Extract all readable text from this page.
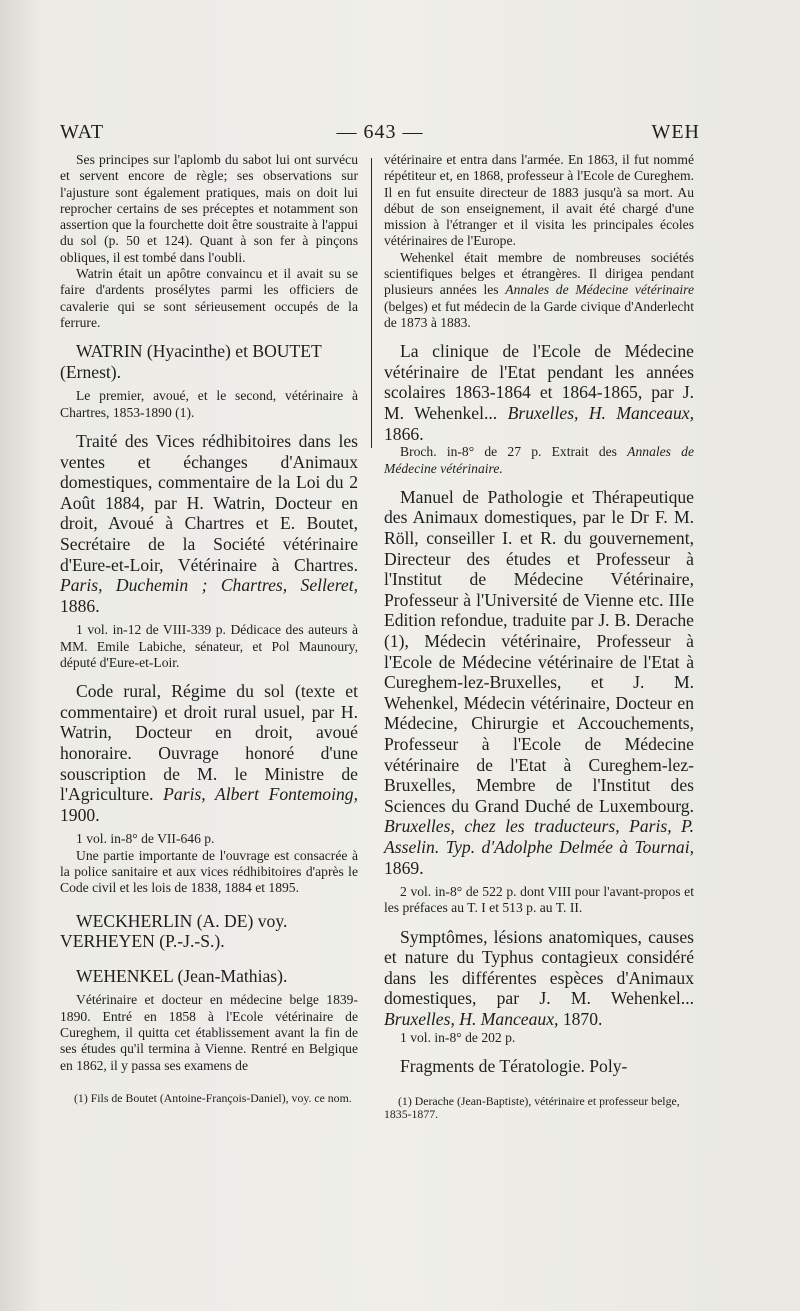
WAT	— 643 —	WEH

Ses principes sur l'aplomb du sabot lui ont survécu et servent encore de règle; ses observations sur l'ajusture sont également pratiques, mais on doit lui reprocher certains de ses préceptes et notamment son assertion que la fourchette doit être soustraite à l'appui du sol (p. 50 et 124). Quant à son fer à pinçons obliques, il est tombé dans l'oubli.

Watrin était un apôtre convaincu et il avait su se faire d'ardents prosélytes parmi les officiers de cavalerie qui se sont sérieusement occupés de la ferrure.

WATRIN (Hyacinthe) et BOUTET (Ernest).

Le premier, avoué, et le second, vétérinaire à Chartres, 1853-1890 (1).

Traité des Vices rédhibitoires dans les ventes et échanges d'Animaux domestiques, commentaire de la Loi du 2 Août 1884, par H. Watrin, Docteur en droit, Avoué à Chartres et E. Boutet, Secrétaire de la Société vétérinaire d'Eure-et-Loir, Vétérinaire à Chartres. Paris, Duchemin ; Chartres, Selleret, 1886.

1 vol. in-12 de VIII-339 p. Dédicace des auteurs à MM. Emile Labiche, sénateur, et Pol Maunoury, député d'Eure-et-Loir.

Code rural, Régime du sol (texte et commentaire) et droit rural usuel, par H. Watrin, Docteur en droit, avoué honoraire. Ouvrage honoré d'une souscription de M. le Ministre de l'Agriculture. Paris, Albert Fontemoing, 1900.

1 vol. in-8° de VII-646 p.

Une partie importante de l'ouvrage est consacrée à la police sanitaire et aux vices rédhibitoires d'après le Code civil et les lois de 1838, 1884 et 1895.

WECKHERLIN (A. DE) voy. VERHEYEN (P.-J.-S.).

WEHENKEL (Jean-Mathias).

Vétérinaire et docteur en médecine belge 1839-1890. Entré en 1858 à l'Ecole vétérinaire de Cureghem, il quitta cet établissement avant la fin de ses études qu'il termina à Vienne. Rentré en Belgique en 1862, il y passa ses examens de

(1) Fils de Boutet (Antoine-François-Daniel), voy. ce nom.

vétérinaire et entra dans l'armée. En 1863, il fut nommé répétiteur et, en 1868, professeur à l'Ecole de Cureghem. Il en fut ensuite directeur de 1883 jusqu'à sa mort. Au début de son enseignement, il avait été chargé d'une mission à l'étranger et il visita les principales écoles vétérinaires de l'Europe.

Wehenkel était membre de nombreuses sociétés scientifiques belges et étrangères. Il dirigea pendant plusieurs années les Annales de Médecine vétérinaire (belges) et fut médecin de la Garde civique d'Anderlecht de 1873 à 1883.

La clinique de l'Ecole de Médecine vétérinaire de l'Etat pendant les années scolaires 1863-1864 et 1864-1865, par J. M. Wehenkel... Bruxelles, H. Manceaux, 1866.

Broch. in-8° de 27 p. Extrait des Annales de Médecine vétérinaire.

Manuel de Pathologie et Thérapeutique des Animaux domestiques, par le Dr F. M. Röll, conseiller I. et R. du gouvernement, Directeur des études et Professeur à l'Institut de Médecine Vétérinaire, Professeur à l'Université de Vienne etc. IIIe Edition refondue, traduite par J. B. Derache (1), Médecin vétérinaire, Professeur à l'Ecole de Médecine vétérinaire de l'Etat à Cureghem-lez-Bruxelles, et J. M. Wehenkel, Médecin vétérinaire, Docteur en Médecine, Chirurgie et Accouchements, Professeur à l'Ecole de Médecine vétérinaire de l'Etat à Cureghem-lez-Bruxelles, Membre de l'Institut des Sciences du Grand Duché de Luxembourg. Bruxelles, chez les traducteurs, Paris, P. Asselin. Typ. d'Adolphe Delmée à Tournai, 1869.

2 vol. in-8° de 522 p. dont VIII pour l'avant-propos et les préfaces au T. I et 513 p. au T. II.

Symptômes, lésions anatomiques, causes et nature du Typhus contagieux considéré dans les différentes espèces d'Animaux domestiques, par J. M. Wehenkel... Bruxelles, H. Manceaux, 1870.

1 vol. in-8° de 202 p.

Fragments de Tératologie. Poly-

(1) Derache (Jean-Baptiste), vétérinaire et professeur belge, 1835-1877.
